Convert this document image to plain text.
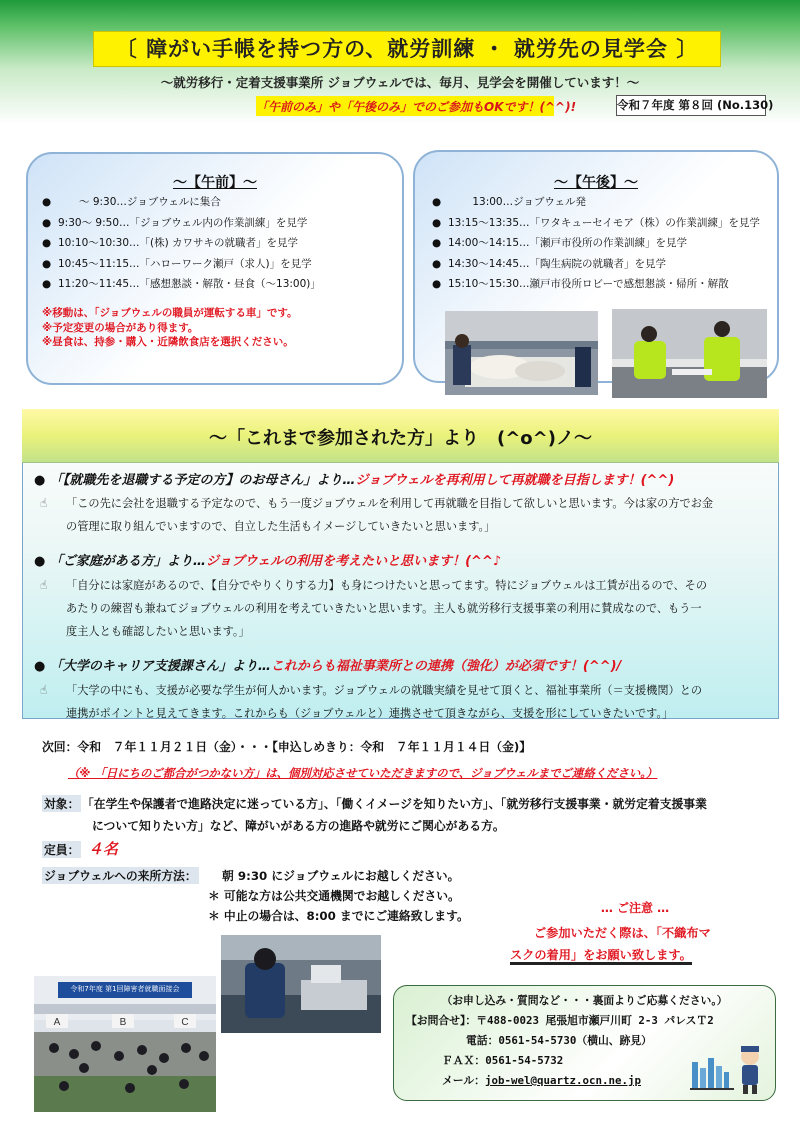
〔 障がい手帳を持つ方の、就労訓練 ・ 就労先の見学会 〕
～就労移行・定着支援事業所 ジョブウェルでは、毎月、見学会を開催しています！～
「午前のみ」や「午後のみ」でのご参加もOKです！(^^)!	令和７年度 第８回 (No.130)
～【午前】～
●　　～ 9:30…ジョブウェルに集合
● 9:30～ 9:50…「ジョブウェル内の作業訓練」を見学
● 10:10～10:30…「(株) カワサキの就職者」を見学
● 10:45～11:15…「ハローワーク瀬戸（求人)」を見学
● 11:20～11:45…「感想懇談・解散・昼食（～13:00)」
※移動は、「ジョブウェルの職員が運転する車」です。
※予定変更の場合があり得ます。
※昼食は、持参・購入・近隣飲食店を選択ください。
～【午後】～
●　　 13:00…ジョブウェル発
● 13:15～13:35…「ワタキューセイモア（株）の作業訓練」を見学
● 14:00～14:15…「瀬戸市役所の作業訓練」を見学
● 14:30～14:45…「陶生病院の就職者」を見学
● 15:10～15:30…瀬戸市役所ロビーで感想懇談・帰所・解散
～「これまで参加された方」より　(^o^)ノ～
● 「【就職先を退職する予定の方】のお母さん」より…ジョブウェルを再利用して再就職を目指します！(^^)
☝ 「この先に会社を退職する予定なので、もう一度ジョブウェルを利用して再就職を目指して欲しいと思います。今は家の方でお金
の管理に取り組んでいますので、自立した生活もイメージしていきたいと思います。」
● 「ご家庭がある方」より…ジョブウェルの利用を考えたいと思います！(^^♪
☝ 「自分には家庭があるので、【自分でやりくりする力】も身につけたいと思ってます。特にジョブウェルは工賃が出るので、その
あたりの練習も兼ねてジョブウェルの利用を考えていきたいと思います。主人も就労移行支援事業の利用に賛成なので、もう一
度主人とも確認したいと思います。」
● 「大学のキャリア支援課さん」より…これからも福祉事業所との連携（強化）が必須です！(^^)/
☝ 「大学の中にも、支援が必要な学生が何人かいます。ジョブウェルの就職実績を見せて頂くと、福祉事業所（＝支援機関）との
連携がポイントと見えてきます。これからも（ジョブウェルと）連携させて頂きながら、支援を形にしていきたいです。」
次回：令和　７年１１月２１日（金）・・・【申込しめきり：令和　７年１１月１４日（金)】
（※ 「日にちのご都合がつかない方」は、個別対応させていただきますので、ジョブウェルまでご連絡ください。）
対象： 「在学生や保護者で進路決定に迷っている方」、「働くイメージを知りたい方」、「就労移行支援事業・就労定着支援事業
について知りたい方」など、障がいがある方の進路や就労にご関心がある方。
定員： ４名
ジョブウェルへの来所方法： 朝 9:30 にジョブウェルにお越しください。
＊ 可能な方は公共交通機関でお越しください。
＊ 中止の場合は、8:00 までにご連絡致します。
… ご注意 …
ご参加いただく際は、「不織布マ
スクの着用」をお願い致します。
A	B	C
令和7年度 第1回障害者就職面接会
（お申し込み・質問など・・・裏面よりご応募ください。）
【お問合せ】：〒488-0023 尾張旭市瀬戸川町 2-3 パレスＴ2
電話：0561-54-5730（横山、跡見）
ＦＡＸ：0561-54-5732
メール：job-wel@quartz.ocn.ne.jp
